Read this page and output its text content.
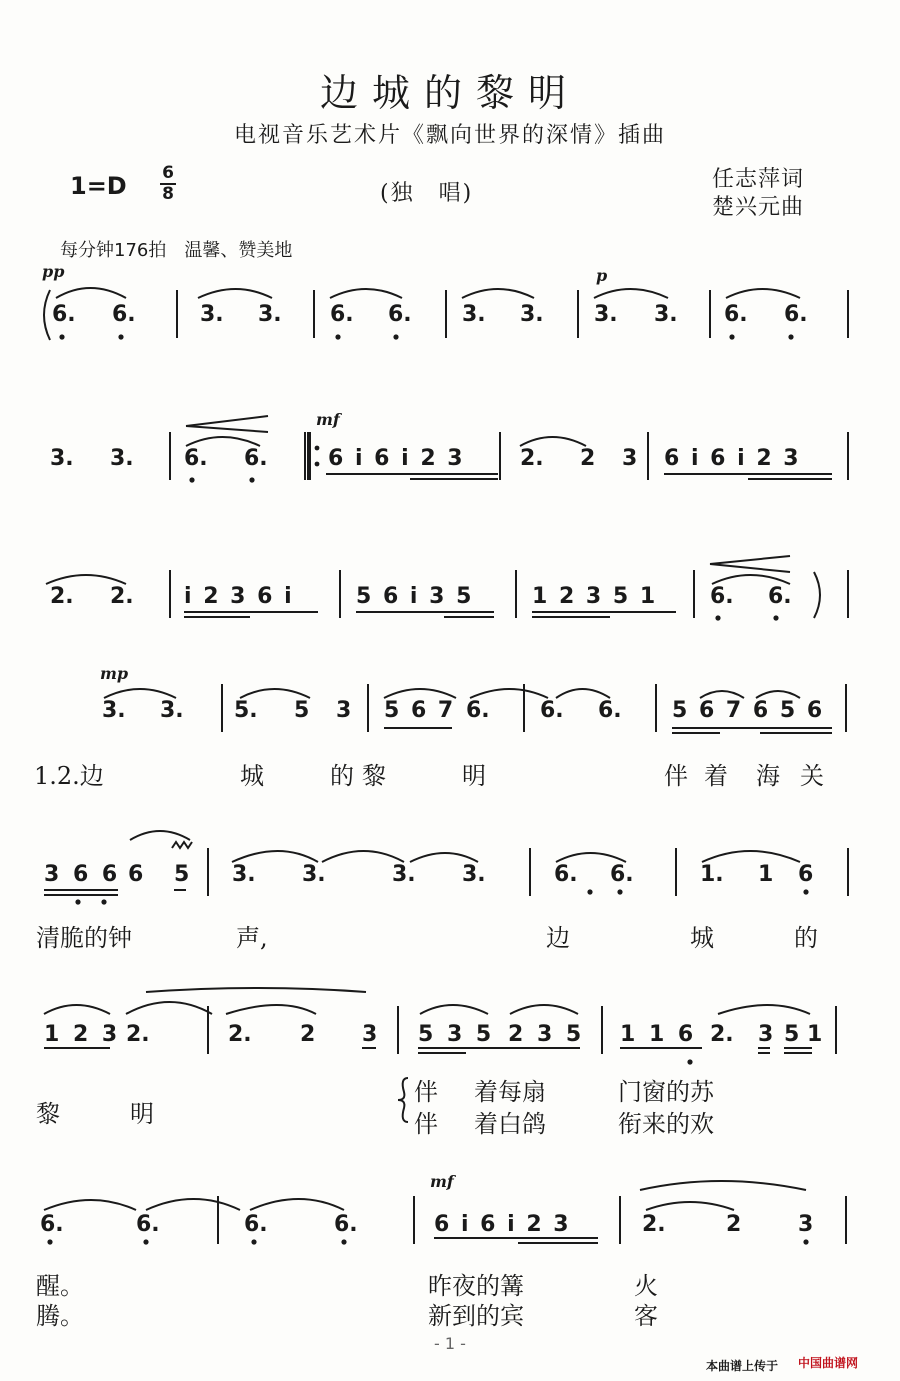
边城的黎明
电视音乐艺术片《飘向世界的深情》插曲
1=D 6
8	(独　唱)
任志萍词
楚兴元曲
每分钟176拍　温馨、赞美地
pp	p
mf
mp
mf
6. 6.	3. 3. 6. 6. 3. 3. 3. 3. 6. 6.
3. 3. 6. 6.	6 i 6 i 2 3	2. 2 3 6 i 6 i 2 3
2. 2. i 2 3 6 i	5 6 i 3 5	1 2 3 5 1 6. 6.
3. 3. 5. 5 3 5 6 7 6. 6. 6. 5 6 7 6 5 6
1.2.边	城	的黎	明	伴着 海关
3 6 6 6 5 3. 3.	3. 3.	6. 6.	1. 1 6
清脆的钟	声,	边	城	的
1 2 3 2.	2. 2 3 5 3 5 2 3 5 1 1 6 2. 3 5 1
黎	明
伴 着每扇	门窗的苏
伴 着白鸽	衔来的欢
6.	6.	6.	6.	6 i 6 i 2 3	2.	2	3
醒。
腾。
昨夜的篝	火
新到的宾	客
- 1 -
本曲谱上传于 中国曲谱网
